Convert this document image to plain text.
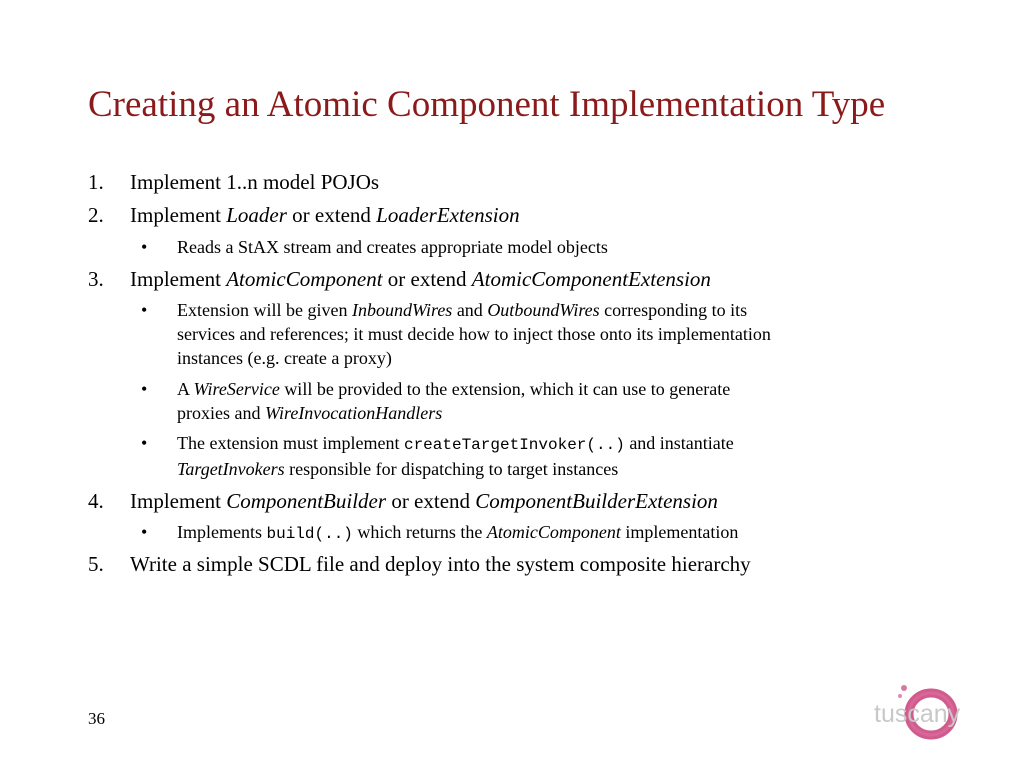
Creating an Atomic Component Implementation Type
1. Implement 1..n model POJOs
2. Implement Loader or extend LoaderExtension
• Reads a StAX stream and creates appropriate model objects
3. Implement AtomicComponent or extend AtomicComponentExtension
• Extension will be given InboundWires and OutboundWires corresponding to its
services and references; it must decide how to inject those onto its implementation
instances (e.g. create a proxy)
• A WireService will be provided to the extension, which it can use to generate
proxies and WireInvocationHandlers
• The extension must implement createTargetInvoker(..) and instantiate
TargetInvokers responsible for dispatching to target instances
4. Implement ComponentBuilder or extend ComponentBuilderExtension
• Implements build(..) which returns the AtomicComponent implementation
5. Write a simple SCDL file and deploy into the system composite hierarchy
36	tuscany
